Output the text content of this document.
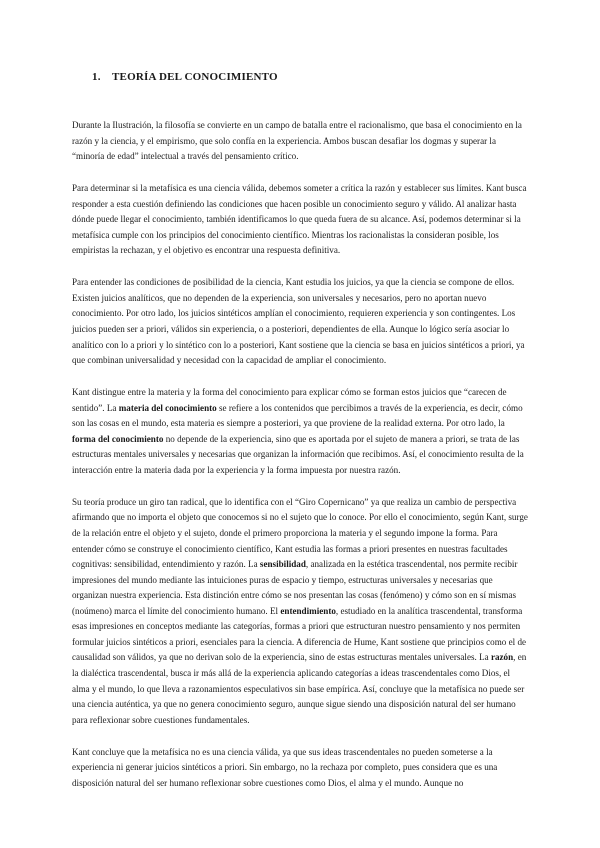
1. TEORÍA DEL CONOCIMIENTO

Durante la Ilustración, la filosofía se convierte en un campo de batalla entre el racionalismo, que basa el conocimiento en la razón y la ciencia, y el empirismo, que solo confía en la experiencia. Ambos buscan desafiar los dogmas y superar la “minoría de edad” intelectual a través del pensamiento crítico.

Para determinar si la metafísica es una ciencia válida, debemos someter a crítica la razón y establecer sus límites. Kant busca responder a esta cuestión definiendo las condiciones que hacen posible un conocimiento seguro y válido. Al analizar hasta dónde puede llegar el conocimiento, también identificamos lo que queda fuera de su alcance. Así, podemos determinar si la metafísica cumple con los principios del conocimiento científico. Mientras los racionalistas la consideran posible, los empiristas la rechazan, y el objetivo es encontrar una respuesta definitiva.

Para entender las condiciones de posibilidad de la ciencia, Kant estudia los juicios, ya que la ciencia se compone de ellos. Existen juicios analíticos, que no dependen de la experiencia, son universales y necesarios, pero no aportan nuevo conocimiento. Por otro lado, los juicios sintéticos amplían el conocimiento, requieren experiencia y son contingentes. Los juicios pueden ser a priori, válidos sin experiencia, o a posteriori, dependientes de ella. Aunque lo lógico sería asociar lo analítico con lo a priori y lo sintético con lo a posteriori, Kant sostiene que la ciencia se basa en juicios sintéticos a priori, ya que combinan universalidad y necesidad con la capacidad de ampliar el conocimiento.

Kant distingue entre la materia y la forma del conocimiento para explicar cómo se forman estos juicios que “carecen de sentido”. La materia del conocimiento se refiere a los contenidos que percibimos a través de la experiencia, es decir, cómo son las cosas en el mundo, esta materia es siempre a posteriori, ya que proviene de la realidad externa. Por otro lado, la forma del conocimiento no depende de la experiencia, sino que es aportada por el sujeto de manera a priori, se trata de las estructuras mentales universales y necesarias que organizan la información que recibimos. Así, el conocimiento resulta de la interacción entre la materia dada por la experiencia y la forma impuesta por nuestra razón.

Su teoría produce un giro tan radical, que lo identifica con el “Giro Copernicano” ya que realiza un cambio de perspectiva afirmando que no importa el objeto que conocemos si no el sujeto que lo conoce. Por ello el conocimiento, según Kant, surge de la relación entre el objeto y el sujeto, donde el primero proporciona la materia y el segundo impone la forma. Para entender cómo se construye el conocimiento científico, Kant estudia las formas a priori presentes en nuestras facultades cognitivas: sensibilidad, entendimiento y razón. La sensibilidad, analizada en la estética trascendental, nos permite recibir impresiones del mundo mediante las intuiciones puras de espacio y tiempo, estructuras universales y necesarias que organizan nuestra experiencia. Esta distinción entre cómo se nos presentan las cosas (fenómeno) y cómo son en sí mismas (noúmeno) marca el límite del conocimiento humano. El entendimiento, estudiado en la analítica trascendental, transforma esas impresiones en conceptos mediante las categorías, formas a priori que estructuran nuestro pensamiento y nos permiten formular juicios sintéticos a priori, esenciales para la ciencia. A diferencia de Hume, Kant sostiene que principios como el de causalidad son válidos, ya que no derivan solo de la experiencia, sino de estas estructuras mentales universales. La razón, en la dialéctica trascendental, busca ir más allá de la experiencia aplicando categorías a ideas trascendentales como Dios, el alma y el mundo, lo que lleva a razonamientos especulativos sin base empírica. Así, concluye que la metafísica no puede ser una ciencia auténtica, ya que no genera conocimiento seguro, aunque sigue siendo una disposición natural del ser humano para reflexionar sobre cuestiones fundamentales.

Kant concluye que la metafísica no es una ciencia válida, ya que sus ideas trascendentales no pueden someterse a la experiencia ni generar juicios sintéticos a priori. Sin embargo, no la rechaza por completo, pues considera que es una disposición natural del ser humano reflexionar sobre cuestiones como Dios, el alma y el mundo. Aunque no
